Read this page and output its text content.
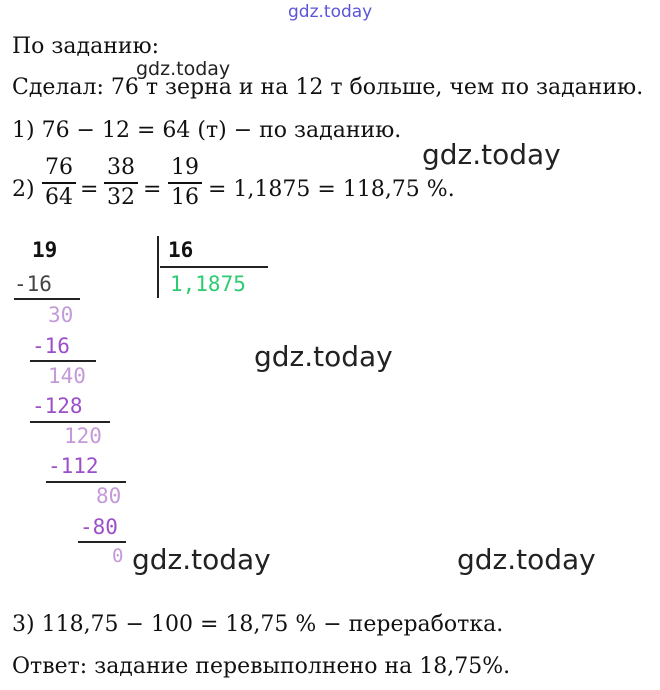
gdz.today
По заданию:
Сделал: 76 т зерна и на 12 т больше, чем по заданию.
gdz.today
1) 76 − 12 = 64 (т) − по заданию.
gdz.today
2)
76
64 =
38
32 =
19
16 = 1,1875 = 118,75 %.
19	16
1,1875
-16
30
-16
140
-128
120
-112
80
-80
0
gdz.today
gdz.today	gdz.today
3) 118,75 − 100 = 18,75 % − переработка.
Ответ: задание перевыполнено на 18,75%.
